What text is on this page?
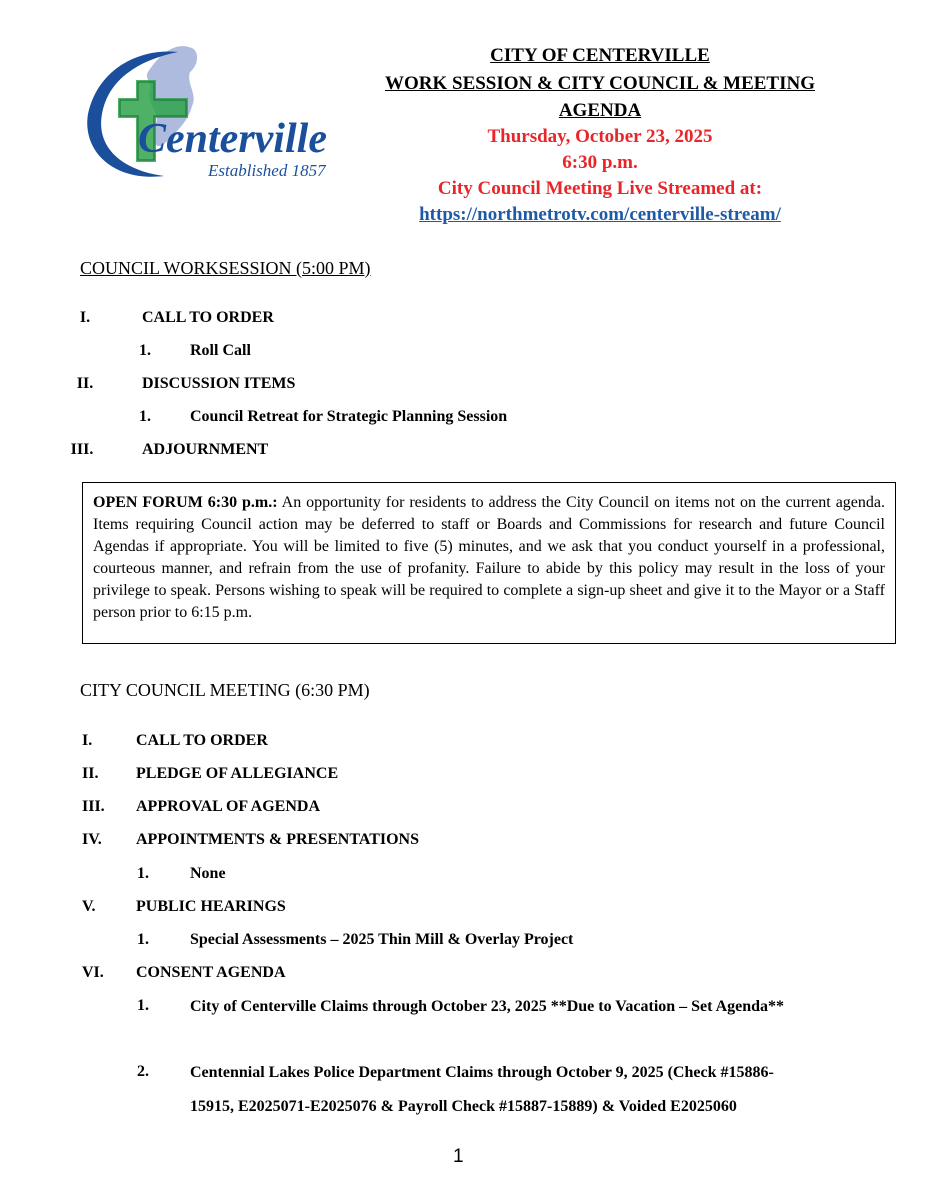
Centerville
Established 1857
CITY OF CENTERVILLE
WORK SESSION & CITY COUNCIL & MEETING
AGENDA
Thursday, October 23, 2025
6:30 p.m.
City Council Meeting Live Streamed at:
https://northmetrotv.com/centerville-stream/
COUNCIL WORKSESSION (5:00 PM)
I.	CALL TO ORDER
1.	Roll Call
II.	DISCUSSION ITEMS
1.	Council Retreat for Strategic Planning Session
III.	ADJOURNMENT
OPEN FORUM 6:30 p.m.: An opportunity for residents to address the City Council on items not on the current agenda. Items requiring Council action may be deferred to staff or Boards and Commissions for research and future Council Agendas if appropriate. You will be limited to five (5) minutes, and we ask that you conduct yourself in a professional, courteous manner, and refrain from the use of profanity. Failure to abide by this policy may result in the loss of your privilege to speak. Persons wishing to speak will be required to complete a sign-up sheet and give it to the Mayor or a Staff person prior to 6:15 p.m.
CITY COUNCIL MEETING (6:30 PM)
I.	CALL TO ORDER
II. PLEDGE OF ALLEGIANCE
III. APPROVAL OF AGENDA
IV. APPOINTMENTS & PRESENTATIONS
1.	None
V.	PUBLIC HEARINGS
1.	Special Assessments – 2025 Thin Mill & Overlay Project
VI. CONSENT AGENDA
1.	City of Centerville Claims through October 23, 2025 **Due to Vacation – Set Agenda**
2.	Centennial Lakes Police Department Claims through October 9, 2025 (Check #15886-15915, E2025071-E2025076 & Payroll Check #15887-15889) & Voided E2025060
1
